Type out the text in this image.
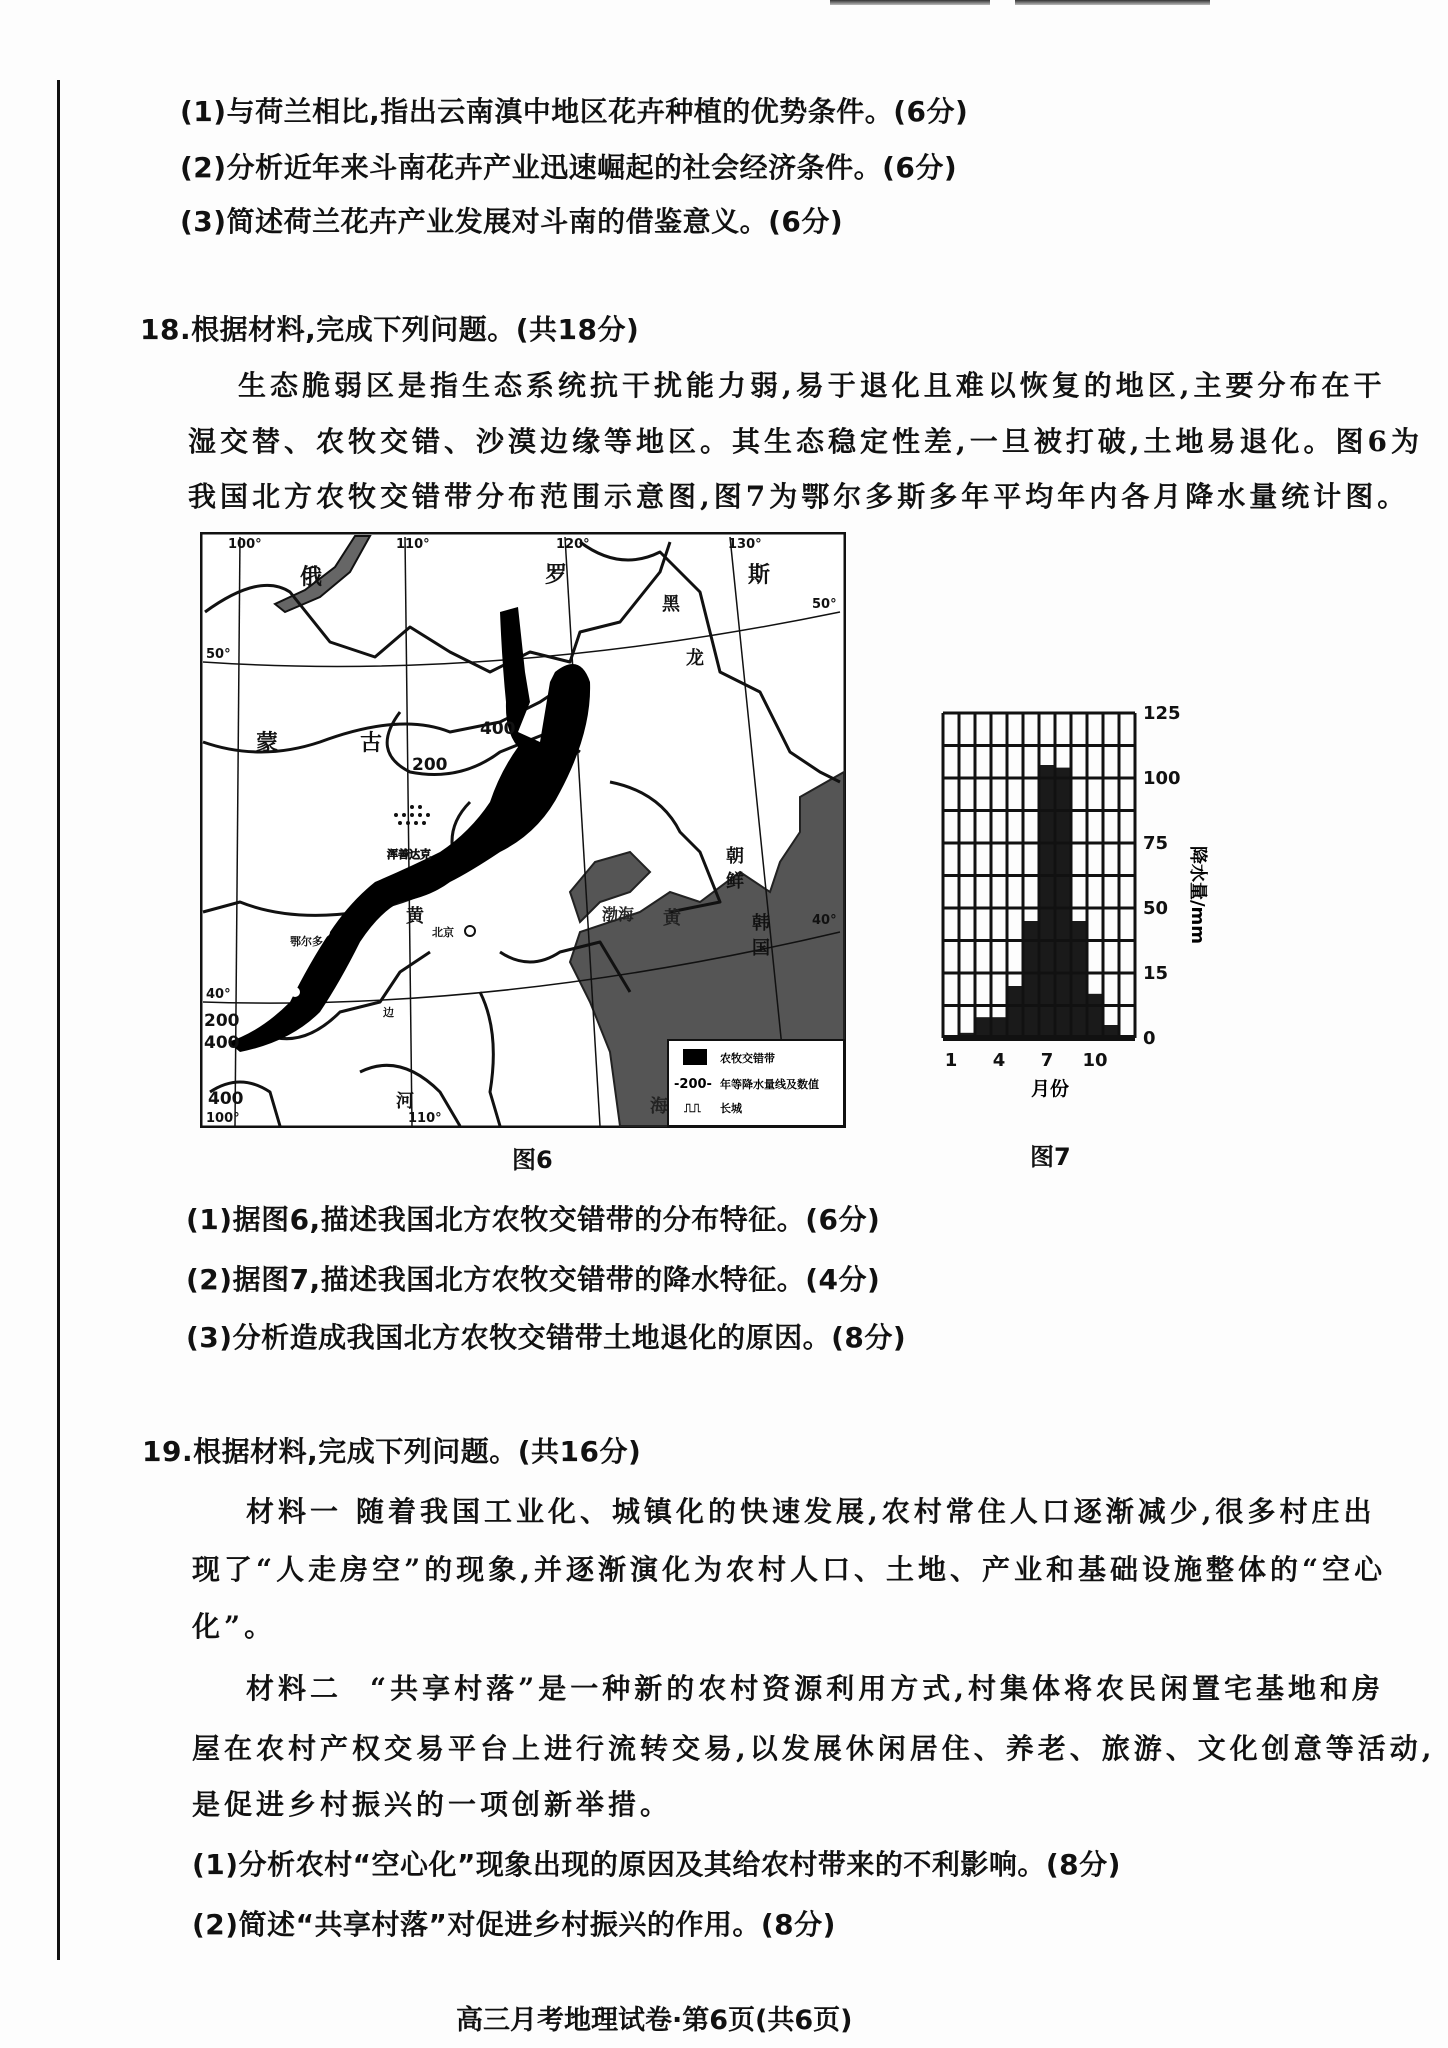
(1)与荷兰相比,指出云南滇中地区花卉种植的优势条件。(6分)
(2)分析近年来斗南花卉产业迅速崛起的社会经济条件。(6分)
(3)简述荷兰花卉产业发展对斗南的借鉴意义。(6分)
18.根据材料,完成下列问题。(共18分)
生态脆弱区是指生态系统抗干扰能力弱,易于退化且难以恢复的地区,主要分布在干
湿交替、农牧交错、沙漠边缘等地区。其生态稳定性差,一旦被打破,土地易退化。图6为
我国北方农牧交错带分布范围示意图,图7为鄂尔多斯多年平均年内各月降水量统计图。
100°	110°	120°	130°
110°
100°
50°
40°
50°
40°
俄	罗	斯
蒙	古
黑
龙
黄
河
渤海 黄
海
朝
鲜
韩
国
浑善达克
鄂尔多
北京
边
400
200
200
400
400
农牧交错带
-200- 年等降水量线及数值
⎍⎍ 长城
图6
0
15
50
75
100
125
1 4 7 10
月份
降水量/mm
图7
(1)据图6,描述我国北方农牧交错带的分布特征。(6分)
(2)据图7,描述我国北方农牧交错带的降水特征。(4分)
(3)分析造成我国北方农牧交错带土地退化的原因。(8分)
19.根据材料,完成下列问题。(共16分)
材料一 随着我国工业化、城镇化的快速发展,农村常住人口逐渐减少,很多村庄出
现了“人走房空”的现象,并逐渐演化为农村人口、土地、产业和基础设施整体的“空心
化”。
材料二 “共享村落”是一种新的农村资源利用方式,村集体将农民闲置宅基地和房
屋在农村产权交易平台上进行流转交易,以发展休闲居住、养老、旅游、文化创意等活动,
是促进乡村振兴的一项创新举措。
(1)分析农村“空心化”现象出现的原因及其给农村带来的不利影响。(8分)
(2)简述“共享村落”对促进乡村振兴的作用。(8分)
高三月考地理试卷·第6页(共6页)
